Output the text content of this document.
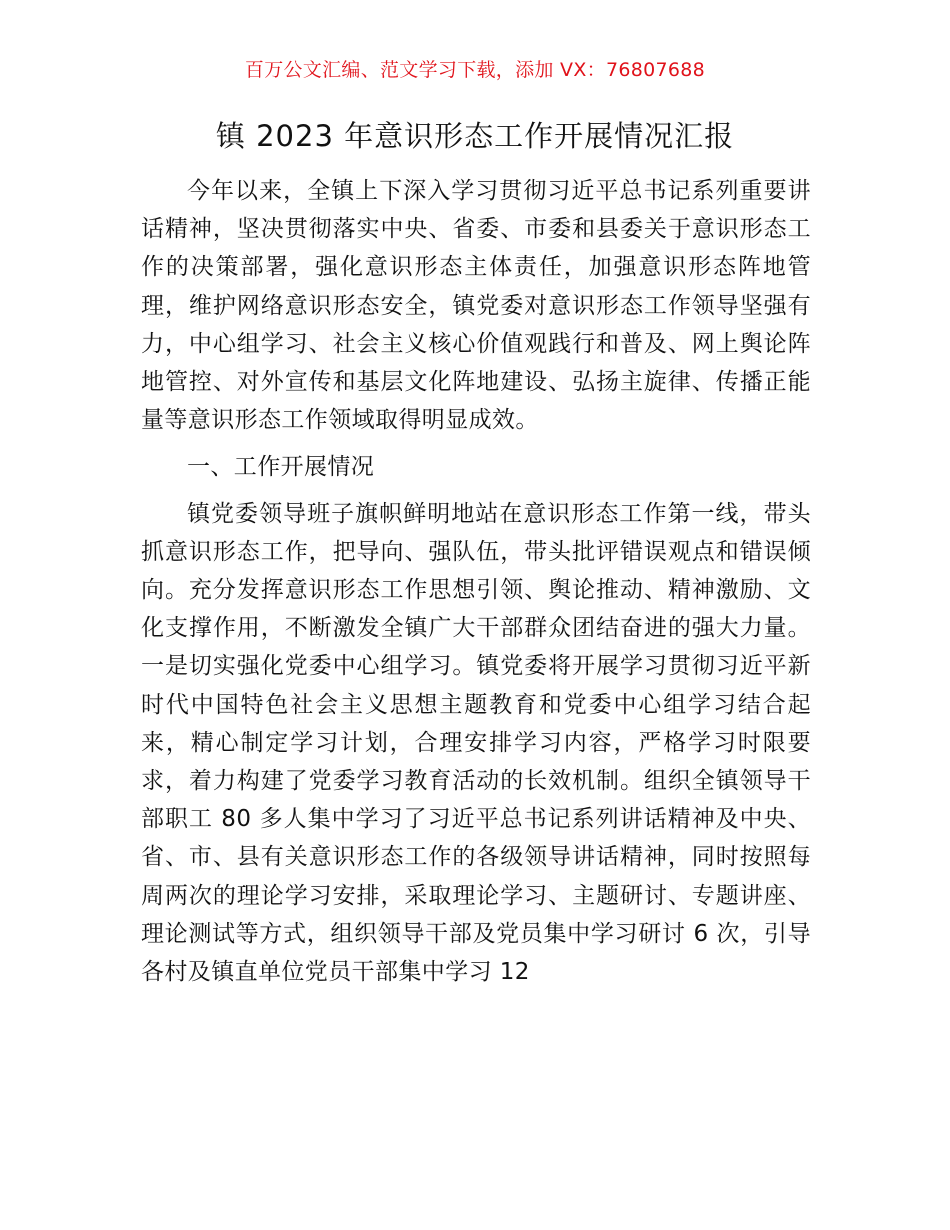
百万公文汇编、范文学习下载，添加 VX：76807688
镇 2023 年意识形态工作开展情况汇报

今年以来，全镇上下深入学习贯彻习近平总书记系列重要讲话精神，坚决贯彻落实中央、省委、市委和县委关于意识形态工作的决策部署，强化意识形态主体责任，加强意识形态阵地管理，维护网络意识形态安全，镇党委对意识形态工作领导坚强有力，中心组学习、社会主义核心价值观践行和普及、网上舆论阵地管控、对外宣传和基层文化阵地建设、弘扬主旋律、传播正能量等意识形态工作领域取得明显成效。

一、工作开展情况

镇党委领导班子旗帜鲜明地站在意识形态工作第一线，带头抓意识形态工作，把导向、强队伍，带头批评错误观点和错误倾向。充分发挥意识形态工作思想引领、舆论推动、精神激励、文化支撑作用，不断激发全镇广大干部群众团结奋进的强大力量。一是切实强化党委中心组学习。镇党委将开展学习贯彻习近平新时代中国特色社会主义思想主题教育和党委中心组学习结合起来，精心制定学习计划，合理安排学习内容，严格学习时限要求，着力构建了党委学习教育活动的长效机制。组织全镇领导干部职工 80 多人集中学习了习近平总书记系列讲话精神及中央、省、市、县有关意识形态工作的各级领导讲话精神，同时按照每周两次的理论学习安排，采取理论学习、主题研讨、专题讲座、理论测试等方式，组织领导干部及党员集中学习研讨 6 次，引导各村及镇直单位党员干部集中学习 12
